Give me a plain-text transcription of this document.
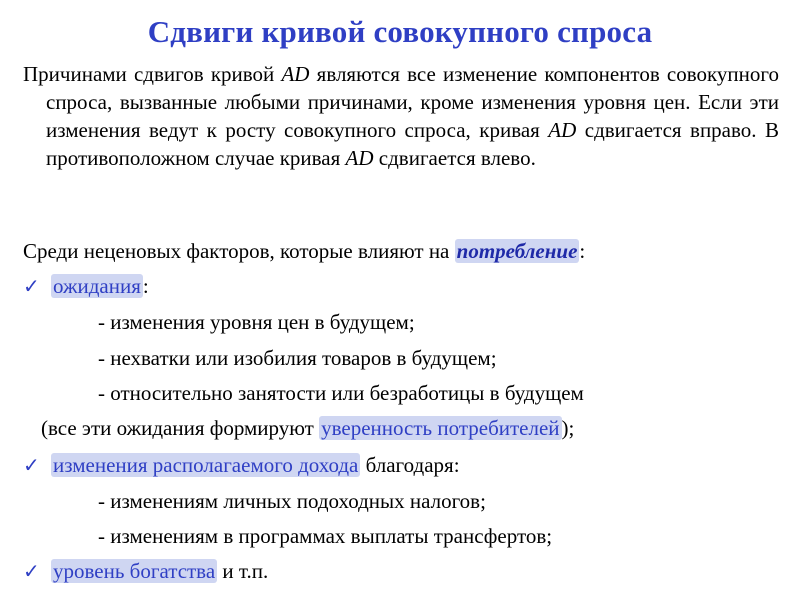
Сдвиги кривой совокупного спроса

Причинами сдвигов кривой AD являются все изменение компонентов совокупного спроса, вызванные любыми причинами, кроме изменения уровня цен. Если эти изменения ведут к росту совокупного спроса, кривая AD сдвигается вправо. В противоположном случае кривая AD сдвигается влево.

Среди неценовых факторов, которые влияют на потребление:
✓ ожидания:
- изменения уровня цен в будущем;
- нехватки или изобилия товаров в будущем;
- относительно занятости или безработицы в будущем
(все эти ожидания формируют уверенность потребителей);
✓ изменения располагаемого дохода благодаря:
- изменениям личных подоходных налогов;
- изменениям в программах выплаты трансфертов;
✓ уровень богатства и т.п.
